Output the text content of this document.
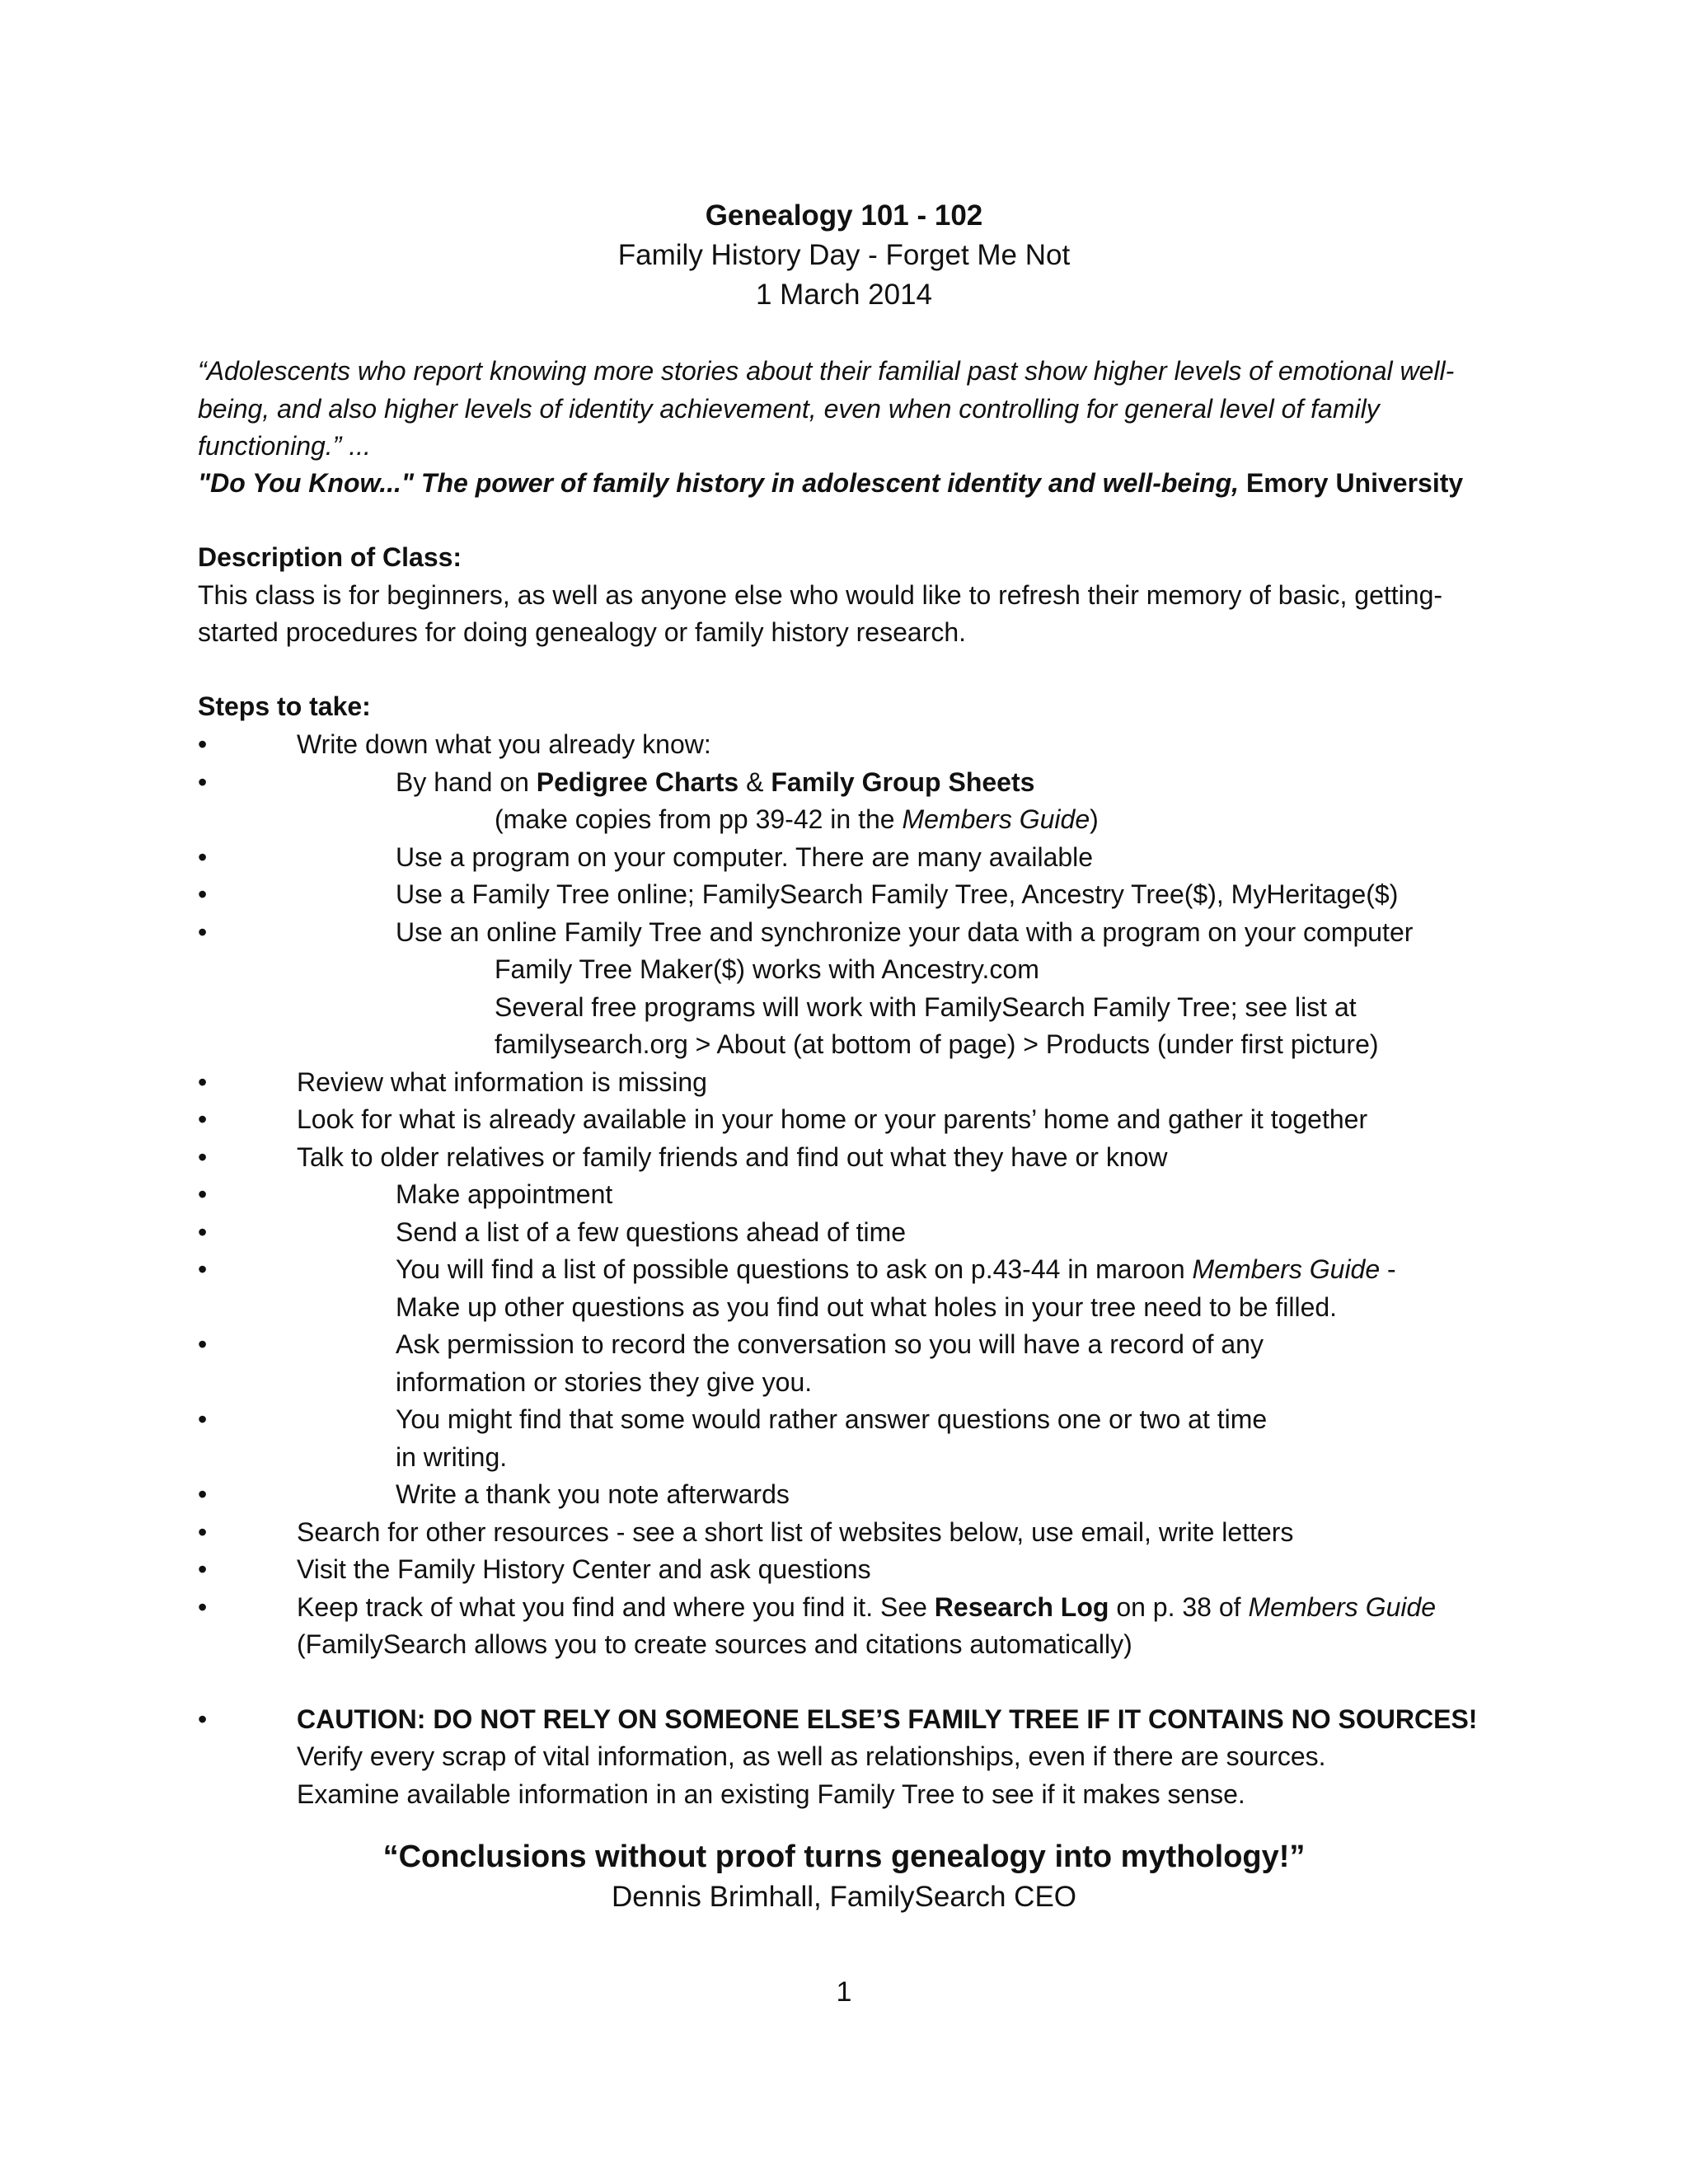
Genealogy 101 - 102
Family History Day - Forget Me Not
1 March 2014
“Adolescents who report knowing more stories about their familial past show higher levels of emotional well-being, and also higher levels of identity achievement, even when controlling for general level of family functioning.” ...
"Do You Know..." The power of family history in adolescent identity and well-being, Emory University
Description of Class:
This class is for beginners, as well as anyone else who would like to refresh their memory of basic, getting-started procedures for doing genealogy or family history research.
Steps to take:
•	Write down what you already know:
•	By hand on Pedigree Charts & Family Group Sheets
(make copies from pp 39-42 in the Members Guide)
•	Use a program on your computer. There are many available
•	Use a Family Tree online; FamilySearch Family Tree, Ancestry Tree($), MyHeritage($)
•	Use an online Family Tree and synchronize your data with a program on your computer
Family Tree Maker($) works with Ancestry.com
Several free programs will work with FamilySearch Family Tree; see list at
familysearch.org > About (at bottom of page) > Products (under first picture)
•	Review what information is missing
•	Look for what is already available in your home or your parents’ home and gather it together
•	Talk to older relatives or family friends and find out what they have or know
•	Make appointment
•	Send a list of a few questions ahead of time
•	You will find a list of possible questions to ask on p.43-44 in maroon Members Guide -
Make up other questions as you find out what holes in your tree need to be filled.
•	Ask permission to record the conversation so you will have a record of any
information or stories they give you.
•	You might find that some would rather answer questions one or two at time
in writing.
•	Write a thank you note afterwards
•	Search for other resources - see a short list of websites below, use email, write letters
•	Visit the Family History Center and ask questions
•	Keep track of what you find and where you find it. See Research Log on p. 38 of Members Guide
(FamilySearch allows you to create sources and citations automatically)
•	CAUTION: DO NOT RELY ON SOMEONE ELSE’S FAMILY TREE IF IT CONTAINS NO SOURCES!
Verify every scrap of vital information, as well as relationships, even if there are sources.
Examine available information in an existing Family Tree to see if it makes sense.
“Conclusions without proof turns genealogy into mythology!”
Dennis Brimhall, FamilySearch CEO
1
